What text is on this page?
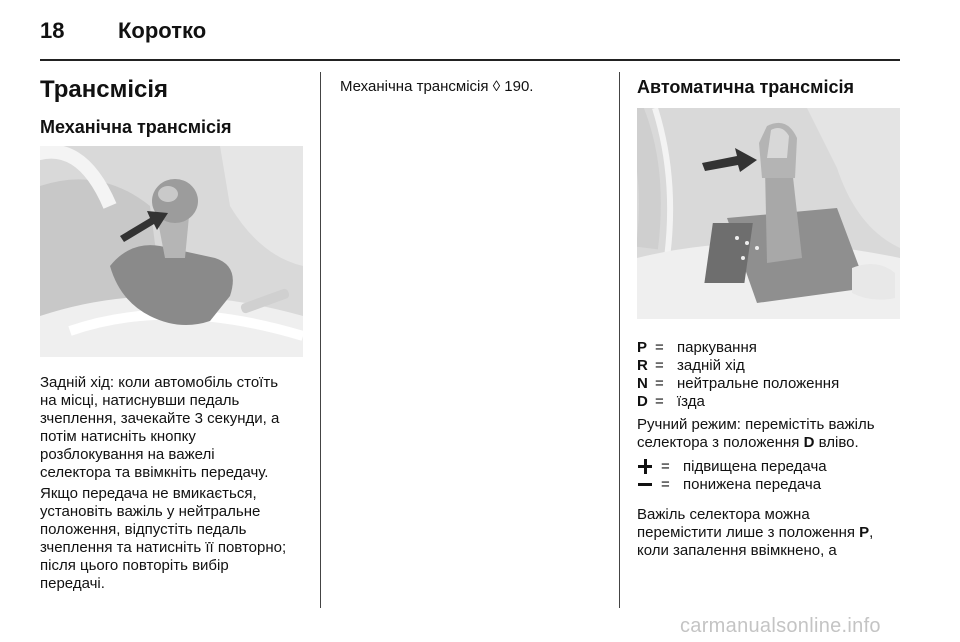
18 Коротко
Трансмісія
Механічна трансмісія
Задній хід: коли автомобіль стоїть
на місці, натиснувши педаль
зчеплення, зачекайте 3 секунди, а
потім натисніть кнопку
розблокування на важелі
селектора та ввімкніть передачу.
Якщо передача не вмикається,
установіть важіль у нейтральне
положення, відпустіть педаль
зчеплення та натисніть її повторно;
після цього повторіть вибір
передачі.
Механічна трансмісія ◊ 190.	Автоматична трансмісія
P = паркування
R = задній хід
N = нейтральне положення
D = їзда
Ручний режим: перемістіть важіль
селектора з положення D вліво.
= підвищена передача
= понижена передача
Важіль селектора можна
перемістити лише з положення P,
коли запалення ввімкнено, а
carmanualsonline.info
